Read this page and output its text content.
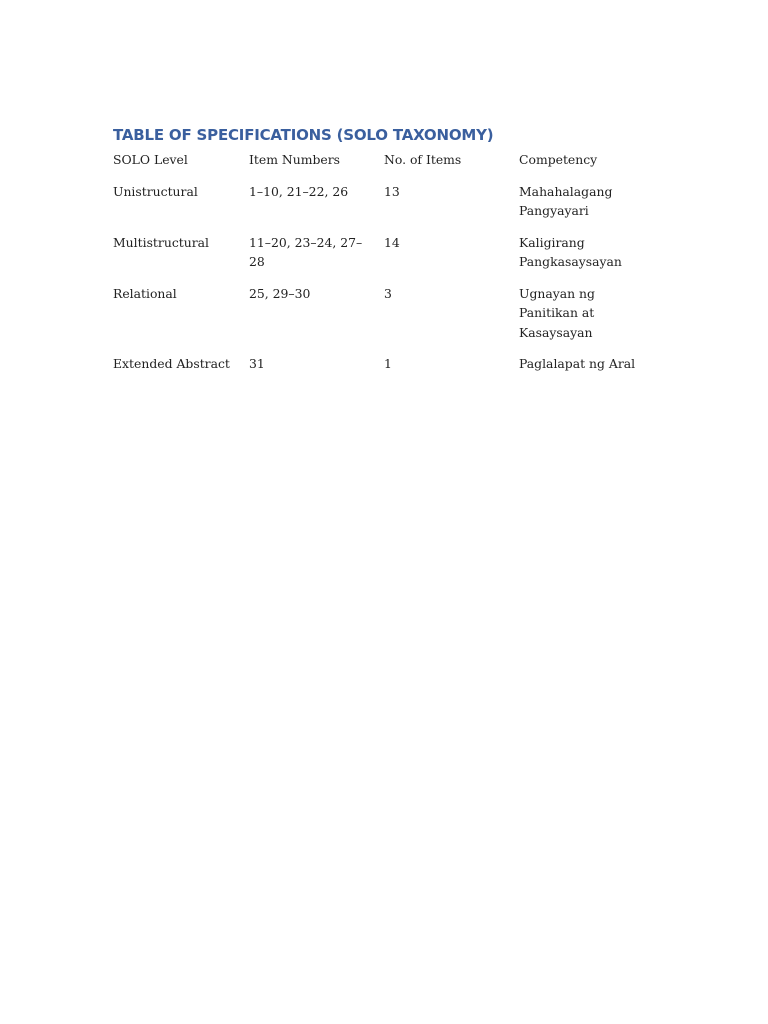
TABLE OF SPECIFICATIONS (SOLO TAXONOMY)
SOLO Level	Item Numbers	No. of Items	Competency
Unistructural	1–10, 21–22, 26	13	Mahahalagang Pangyayari
Multistructural	11–20, 23–24, 27–28	14	Kaligirang Pangkasaysayan
Relational	25, 29–30	3	Ugnayan ng Panitikan at Kasaysayan
Extended Abstract	31	1	Paglalapat ng Aral
